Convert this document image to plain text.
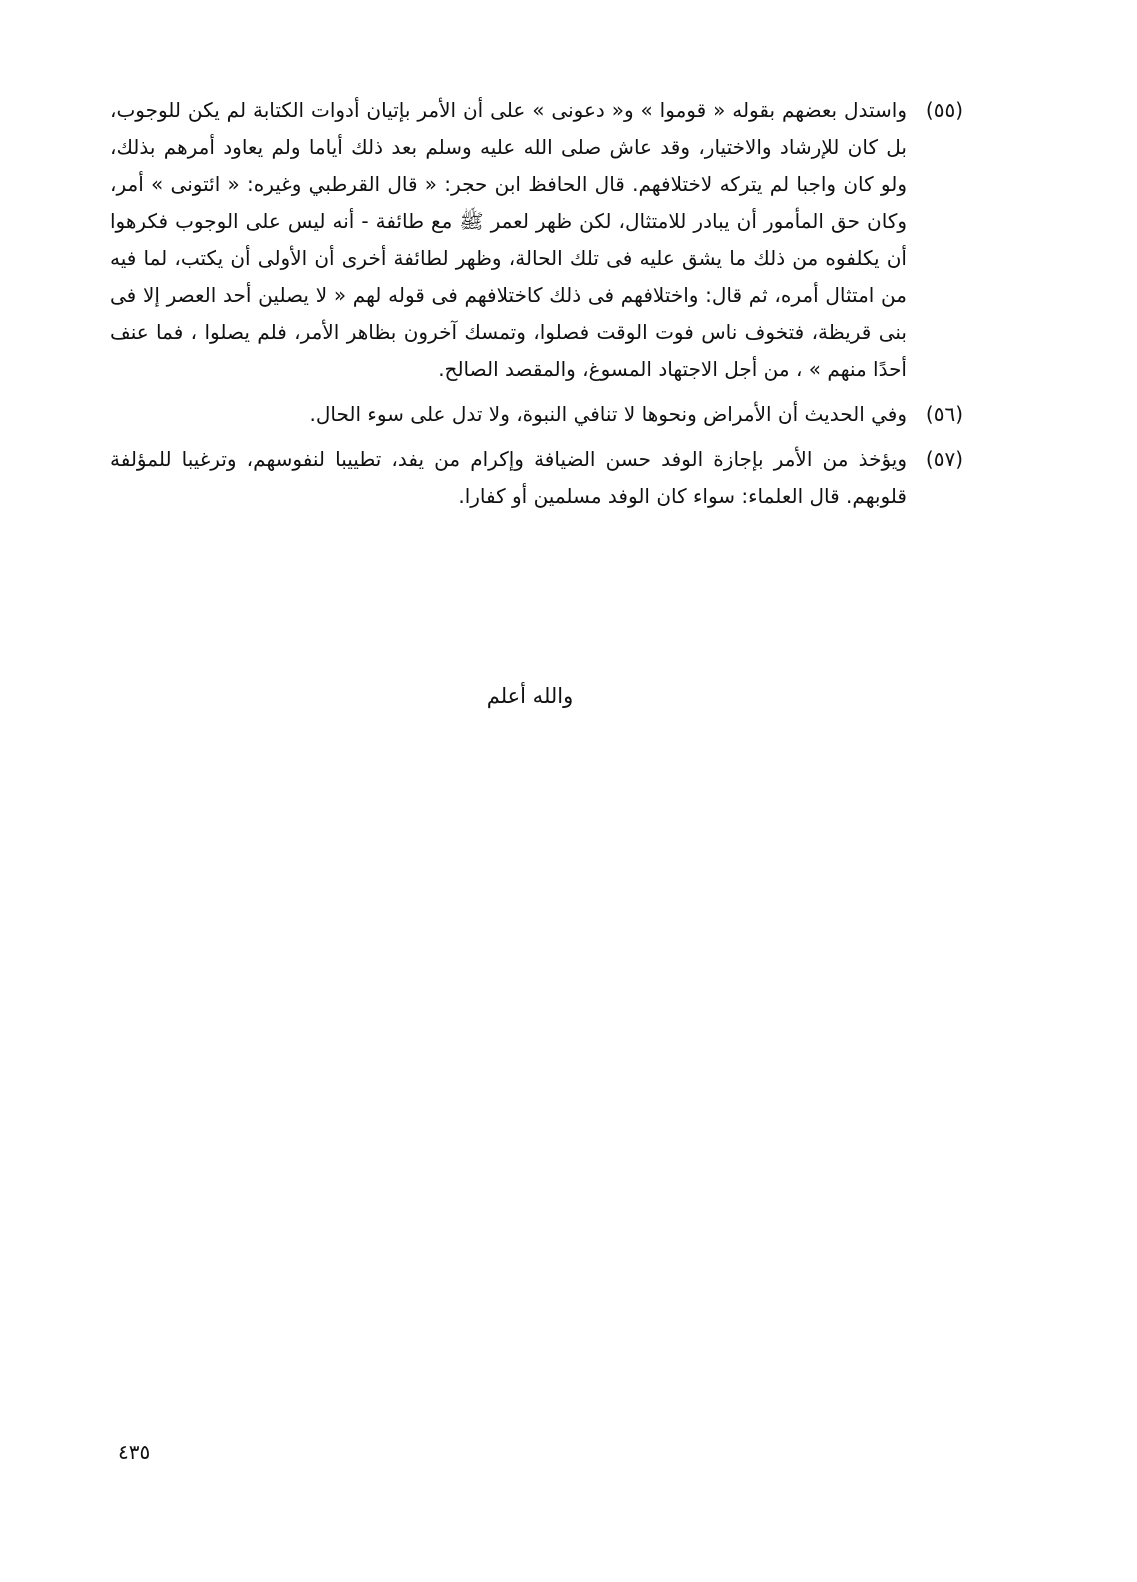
(٥٥)
واستدل بعضهم بقوله « قوموا » و« دعونى » على أن الأمر بإتيان أدوات الكتابة لم يكن للوجوب، بل كان للإرشاد والاختيار، وقد عاش صلى الله عليه وسلم بعد ذلك أياما ولم يعاود أمرهم بذلك، ولو كان واجبا لم يتركه لاختلافهم. قال الحافظ ابن حجر: « قال القرطبي وغيره: « ائتونى » أمر، وكان حق المأمور أن يبادر للامتثال، لكن ظهر لعمر ﷺ مع طائفة - أنه ليس على الوجوب فكرهوا أن يكلفوه من ذلك ما يشق عليه فى تلك الحالة، وظهر لطائفة أخرى أن الأولى أن يكتب، لما فيه من امتثال أمره، ثم قال: واختلافهم فى ذلك كاختلافهم فى قوله لهم « لا يصلين أحد العصر إلا فى بنى قريظة، فتخوف ناس فوت الوقت فصلوا، وتمسك آخرون بظاهر الأمر، فلم يصلوا ، فما عنف أحدًا منهم » ، من أجل الاجتهاد المسوغ، والمقصد الصالح.
(٥٦)
وفي الحديث أن الأمراض ونحوها لا تنافي النبوة، ولا تدل على سوء الحال.
(٥٧)
ويؤخذ من الأمر بإجازة الوفد حسن الضيافة وإكرام من يفد، تطييبا لنفوسهم، وترغيبا للمؤلفة قلوبهم. قال العلماء: سواء كان الوفد مسلمين أو كفارا.
والله أعلم
٤٣٥
